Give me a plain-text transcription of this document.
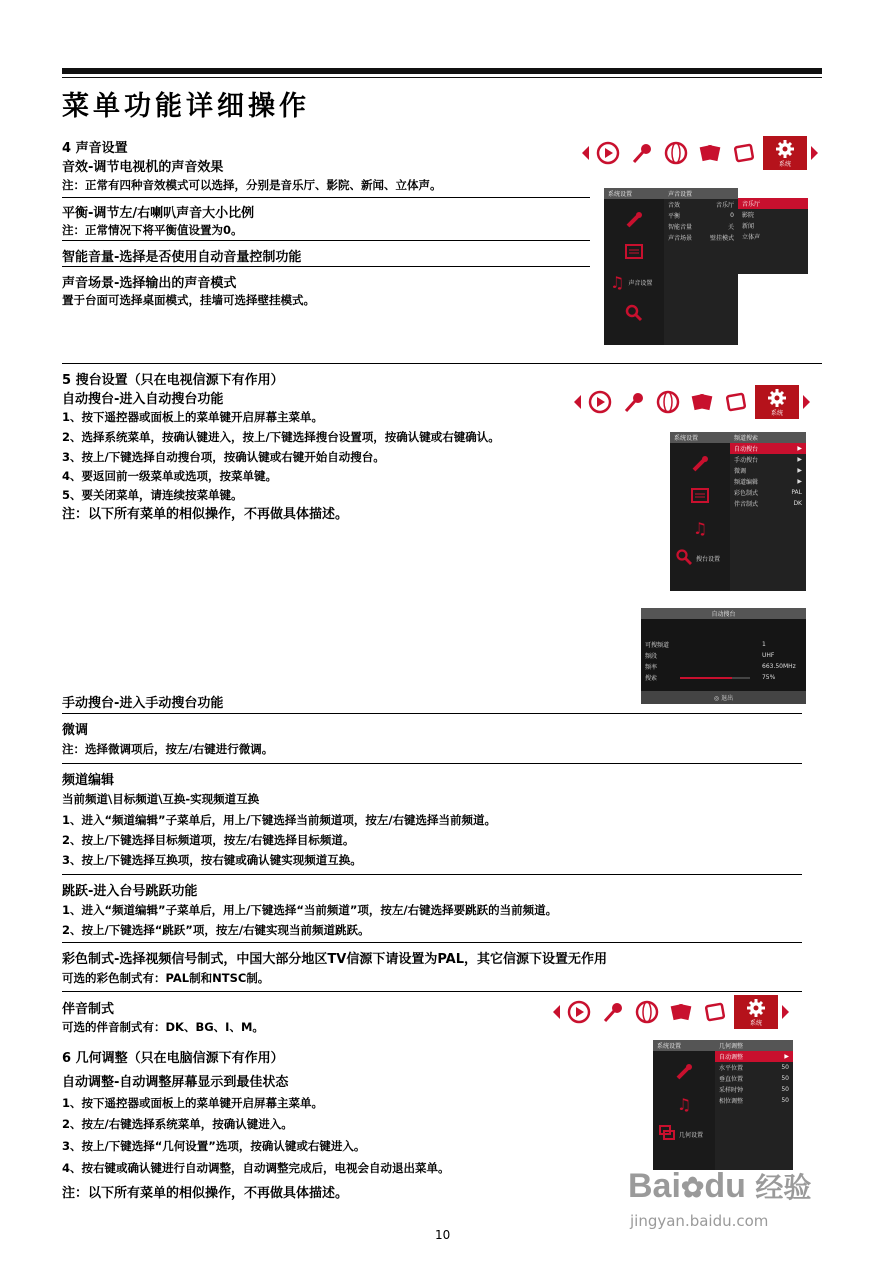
菜单功能详细操作
4 声音设置
音效-调节电视机的声音效果
注：正常有四种音效模式可以选择，分别是音乐厅、影院、新闻、立体声。
平衡-调节左/右喇叭声音大小比例
注：正常情况下将平衡值设置为0。
智能音量-选择是否使用自动音量控制功能
声音场景-选择输出的声音模式
置于台面可选择桌面模式，挂墙可选择壁挂模式。
系统
系统设置
♫ 声音设置
声音设置
音效	音乐厅
平衡	0
智能音量	关
声音场景	壁挂模式
音乐厅
影院
新闻
立体声
5 搜台设置（只在电视信源下有作用）
自动搜台-进入自动搜台功能
1、按下遥控器或面板上的菜单键开启屏幕主菜单。
2、选择系统菜单，按确认键进入，按上/下键选择搜台设置项，按确认键或右键确认。
3、按上/下键选择自动搜台项，按确认键或右键开始自动搜台。
4、要返回前一级菜单或选项，按菜单键。
5、要关闭菜单，请连续按菜单键。
注：以下所有菜单的相似操作，不再做具体描述。
系统
系统设置
♫
搜台设置
频道搜索
自动搜台	▶
手动搜台	▶
微调	▶
频道编辑	▶
彩色制式	PAL
伴音制式	DK
自动搜台
可搜频道	1
频段	UHF
频率	663.50MHz
搜索	75%
◎ 退出
手动搜台-进入手动搜台功能
微调
注：选择微调项后，按左/右键进行微调。
频道编辑
当前频道\目标频道\互换-实现频道互换
1、进入“频道编辑”子菜单后，用上/下键选择当前频道项，按左/右键选择当前频道。
2、按上/下键选择目标频道项，按左/右键选择目标频道。
3、按上/下键选择互换项，按右键或确认键实现频道互换。
跳跃-进入台号跳跃功能
1、进入“频道编辑”子菜单后，用上/下键选择“当前频道”项，按左/右键选择要跳跃的当前频道。
2、按上/下键选择“跳跃”项，按左/右键实现当前频道跳跃。
彩色制式-选择视频信号制式，中国大部分地区TV信源下请设置为PAL，其它信源下设置无作用
可选的彩色制式有：PAL制和NTSC制。
伴音制式
可选的伴音制式有：DK、BG、I、M。	系统
6 几何调整（只在电脑信源下有作用）
自动调整-自动调整屏幕显示到最佳状态
1、按下遥控器或面板上的菜单键开启屏幕主菜单。
2、按左/右键选择系统菜单，按确认键进入。
3、按上/下键选择“几何设置”选项，按确认键或右键进入。
4、按右键或确认键进行自动调整，自动调整完成后，电视会自动退出菜单。
注：以下所有菜单的相似操作，不再做具体描述。
系统设置
♫
几何设置
几何调整
自动调整	▶
水平位置	50
垂直位置	50
采样时钟	50
相位调整	50
Bai✿du 经验
jingyan.baidu.com
10
